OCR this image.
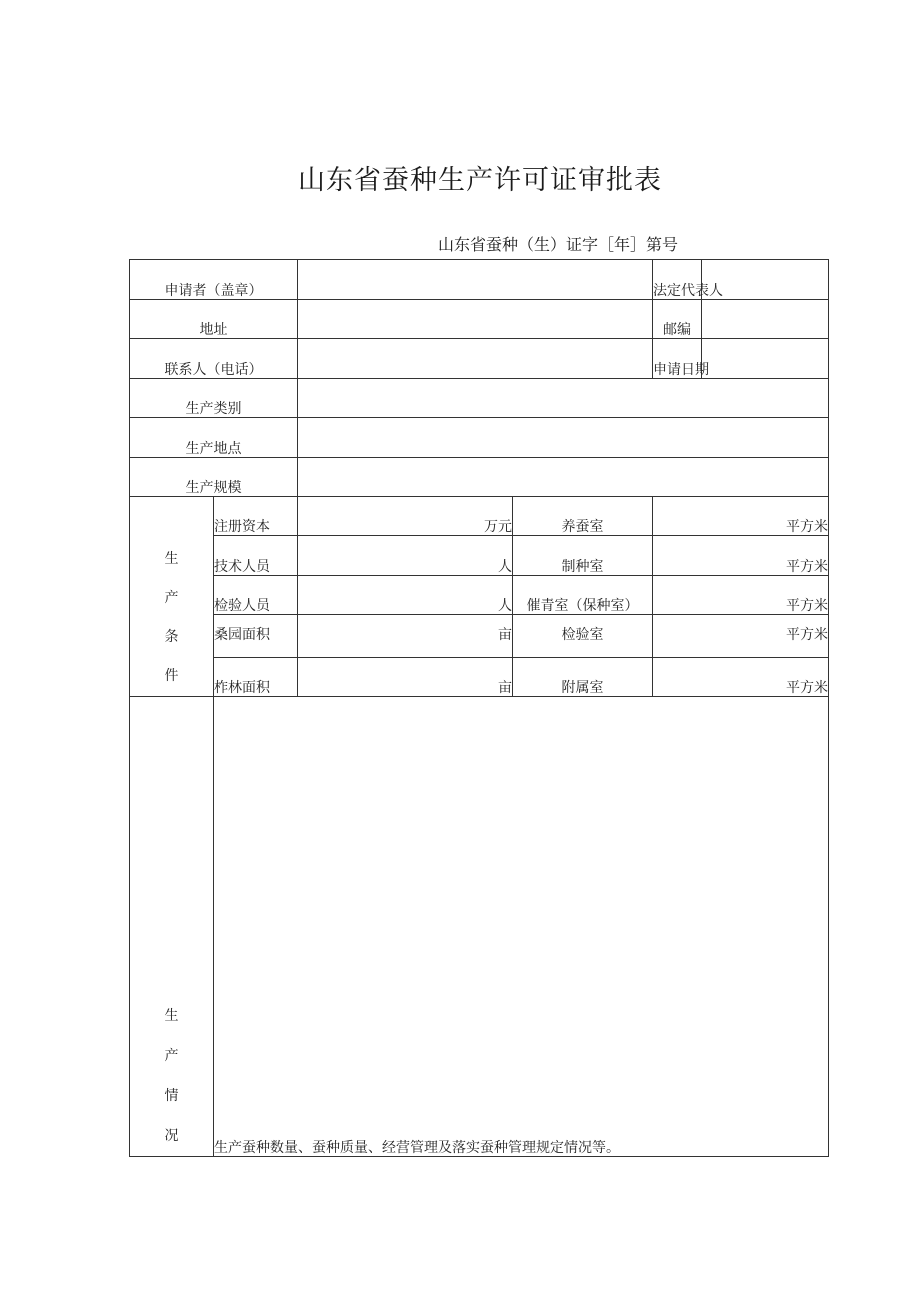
山东省蚕种生产许可证审批表
山东省蚕种（生）证字［年］第号
申请者（盖章）				法定代表人	
地址				邮编	
联系人（电话）				申请日期	
生产类别					
生产地点					
生产规模					

生
产
条
件	注册资本	万元	养蚕室	平方米	
	技术人员	人	制种室	平方米	
	检验人员	人	催青室（保种室）	平方米	
	桑园面积	亩	检验室	平方米	
	柞林面积	亩	附属室	平方米	

生
产
情
况	生产蚕种数量、蚕种质量、经营管理及落实蚕种管理规定情况等。				
